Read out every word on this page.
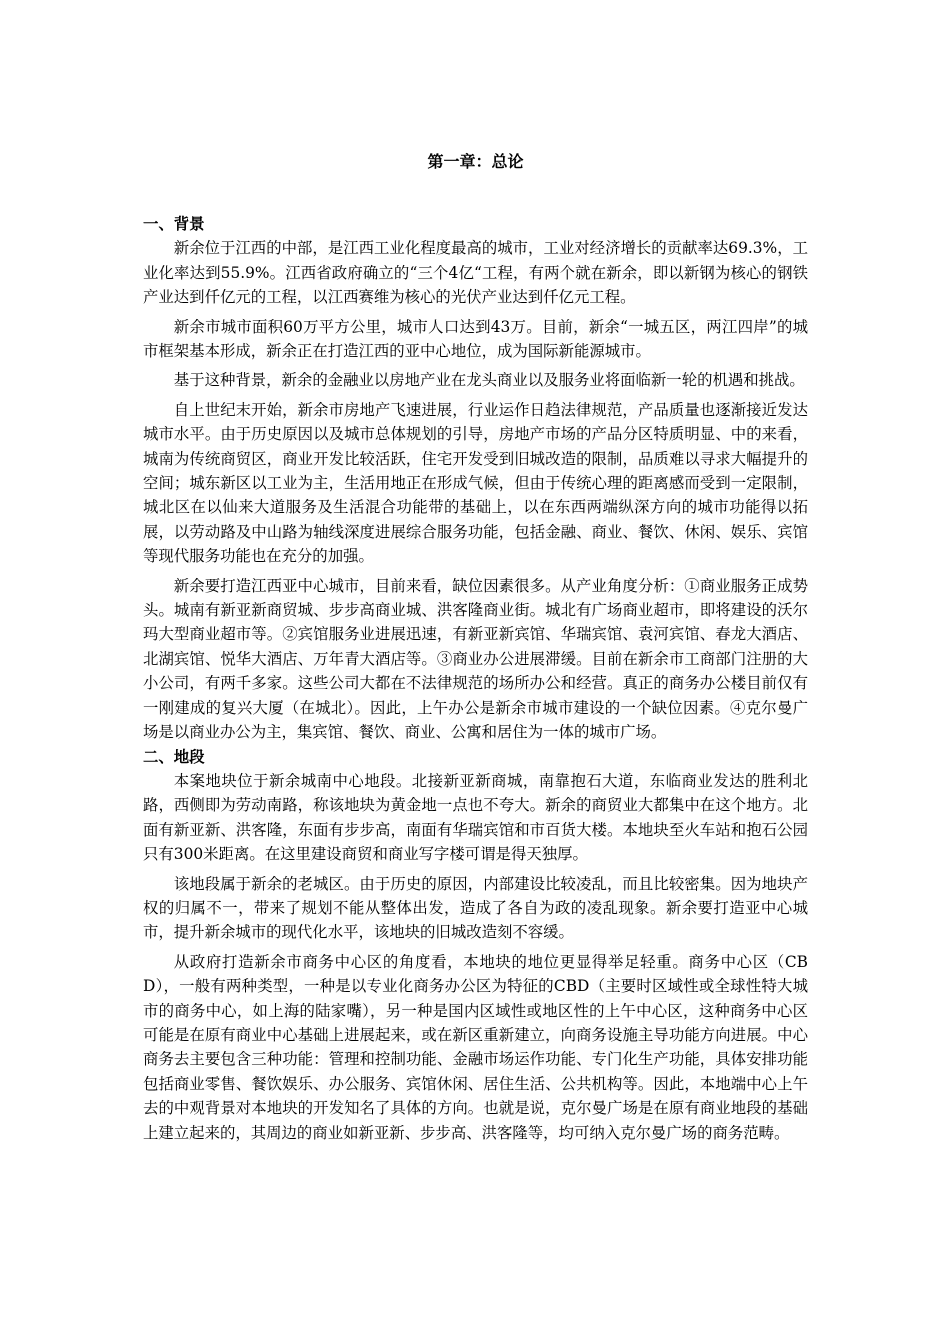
第一章：总论
一、背景

新余位于江西的中部，是江西工业化程度最高的城市，工业对经济增长的贡献率达69.3%，工业化率达到55.9%。江西省政府确立的“三个4亿“工程，有两个就在新余，即以新钢为核心的钢铁产业达到仟亿元的工程，以江西赛维为核心的光伏产业达到仟亿元工程。

新余市城市面积60万平方公里，城市人口达到43万。目前，新余“一城五区，两江四岸”的城市框架基本形成，新余正在打造江西的亚中心地位，成为国际新能源城市。

基于这种背景，新余的金融业以房地产业在龙头商业以及服务业将面临新一轮的机遇和挑战。

自上世纪末开始，新余市房地产飞速进展，行业运作日趋法律规范，产品质量也逐渐接近发达城市水平。由于历史原因以及城市总体规划的引导，房地产市场的产品分区特质明显、中的来看，城南为传统商贸区，商业开发比较活跃，住宅开发受到旧城改造的限制，品质难以寻求大幅提升的空间；城东新区以工业为主，生活用地正在形成气候，但由于传统心理的距离感而受到一定限制，城北区在以仙来大道服务及生活混合功能带的基础上，以在东西两端纵深方向的城市功能得以拓展，以劳动路及中山路为轴线深度进展综合服务功能，包括金融、商业、餐饮、休闲、娱乐、宾馆等现代服务功能也在充分的加强。

新余要打造江西亚中心城市，目前来看，缺位因素很多。从产业角度分析：①商业服务正成势头。城南有新亚新商贸城、步步高商业城、洪客隆商业街。城北有广场商业超市，即将建设的沃尔玛大型商业超市等。②宾馆服务业进展迅速，有新亚新宾馆、华瑞宾馆、袁河宾馆、春龙大酒店、北湖宾馆、悦华大酒店、万年青大酒店等。③商业办公进展滞缓。目前在新余市工商部门注册的大小公司，有两千多家。这些公司大都在不法律规范的场所办公和经营。真正的商务办公楼目前仅有一刚建成的复兴大厦（在城北）。因此，上午办公是新余市城市建设的一个缺位因素。④克尔曼广场是以商业办公为主，集宾馆、餐饮、商业、公寓和居住为一体的城市广场。

二、地段

本案地块位于新余城南中心地段。北接新亚新商城，南靠抱石大道，东临商业发达的胜利北路，西侧即为劳动南路，称该地块为黄金地一点也不夸大。新余的商贸业大都集中在这个地方。北面有新亚新、洪客隆，东面有步步高，南面有华瑞宾馆和市百货大楼。本地块至火车站和抱石公园只有300米距离。在这里建设商贸和商业写字楼可谓是得天独厚。

该地段属于新余的老城区。由于历史的原因，内部建设比较凌乱，而且比较密集。因为地块产权的归属不一，带来了规划不能从整体出发，造成了各自为政的凌乱现象。新余要打造亚中心城市，提升新余城市的现代化水平，该地块的旧城改造刻不容缓。

从政府打造新余市商务中心区的角度看，本地块的地位更显得举足轻重。商务中心区（CBD），一般有两种类型，一种是以专业化商务办公区为特征的CBD（主要时区域性或全球性特大城市的商务中心，如上海的陆家嘴），另一种是国内区域性或地区性的上午中心区，这种商务中心区可能是在原有商业中心基础上进展起来，或在新区重新建立，向商务设施主导功能方向进展。中心商务去主要包含三种功能：管理和控制功能、金融市场运作功能、专门化生产功能，具体安排功能包括商业零售、餐饮娱乐、办公服务、宾馆休闲、居住生活、公共机构等。因此，本地端中心上午去的中观背景对本地块的开发知名了具体的方向。也就是说，克尔曼广场是在原有商业地段的基础上建立起来的，其周边的商业如新亚新、步步高、洪客隆等，均可纳入克尔曼广场的商务范畴。
